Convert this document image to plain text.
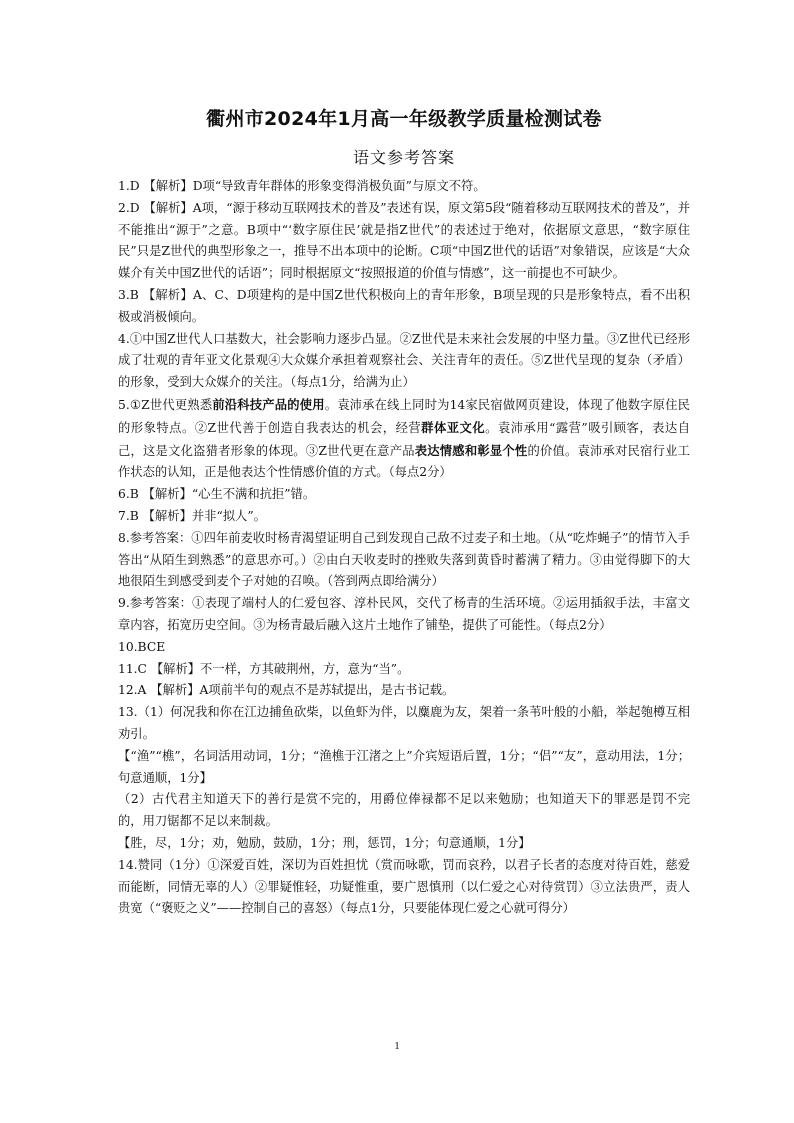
衢州市2024年1月高一年级教学质量检测试卷
语文参考答案

1.D 【解析】D项“导致青年群体的形象变得消极负面”与原文不符。

2.D 【解析】A项，“源于移动互联网技术的普及”表述有误，原文第5段“随着移动互联网技术的普及”，并不能推出“源于”之意。B项中“‘数字原住民’就是指Z世代”的表述过于绝对，依据原文意思，“数字原住民”只是Z世代的典型形象之一，推导不出本项中的论断。C项“中国Z世代的话语”对象错误，应该是“大众媒介有关中国Z世代的话语”；同时根据原文“按照报道的价值与情感”，这一前提也不可缺少。

3.B 【解析】A、C、D项建构的是中国Z世代积极向上的青年形象，B项呈现的只是形象特点，看不出积极或消极倾向。

4.①中国Z世代人口基数大，社会影响力逐步凸显。②Z世代是未来社会发展的中坚力量。③Z世代已经形成了壮观的青年亚文化景观④大众媒介承担着观察社会、关注青年的责任。⑤Z世代呈现的复杂（矛盾）的形象，受到大众媒介的关注。（每点1分，给满为止）

5.①Z世代更熟悉前沿科技产品的使用。袁沛承在线上同时为14家民宿做网页建设，体现了他数字原住民的形象特点。②Z世代善于创造自我表达的机会，经营群体亚文化。袁沛承用“露营”吸引顾客，表达自己，这是文化盗猎者形象的体现。③Z世代更在意产品表达情感和彰显个性的价值。袁沛承对民宿行业工作状态的认知，正是他表达个性情感价值的方式。（每点2分）

6.B 【解析】“心生不满和抗拒”错。

7.B 【解析】并非“拟人”。

8.参考答案：①四年前麦收时杨青渴望证明自己到发现自己敌不过麦子和土地。（从“吃炸蝇子”的情节入手答出“从陌生到熟悉”的意思亦可。）②由白天收麦时的挫败失落到黄昏时蓄满了精力。③由觉得脚下的大地很陌生到感受到麦个子对她的召唤。（答到两点即给满分）

9.参考答案：①表现了端村人的仁爱包容、淳朴民风，交代了杨青的生活环境。②运用插叙手法，丰富文章内容，拓宽历史空间。③为杨青最后融入这片土地作了铺垫，提供了可能性。（每点2分）

10.BCE

11.C 【解析】不一样，方其破荆州，方，意为“当”。

12.A 【解析】A项前半句的观点不是苏轼提出，是古书记载。

13.（1）何况我和你在江边捕鱼砍柴，以鱼虾为伴，以麋鹿为友，架着一条苇叶般的小船，举起匏樽互相劝引。

【“渔”“樵”，名词活用动词，1分；“渔樵于江渚之上”介宾短语后置，1分；“侣”“友”，意动用法，1分；句意通顺，1分】

（2）古代君主知道天下的善行是赏不完的，用爵位俸禄都不足以来勉励；也知道天下的罪恶是罚不完的，用刀锯都不足以来制裁。

【胜，尽，1分；劝，勉励，鼓励，1分；刑，惩罚，1分；句意通顺，1分】

14.赞同（1分）①深爱百姓，深切为百姓担忧（赏而咏歌，罚而哀矜，以君子长者的态度对待百姓，慈爱而能断，同情无辜的人）②罪疑惟轻，功疑惟重，要广恩慎刑（以仁爱之心对待赏罚）③立法贵严，责人贵宽（“褒贬之义”——控制自己的喜怒）（每点1分，只要能体现仁爱之心就可得分）

1
